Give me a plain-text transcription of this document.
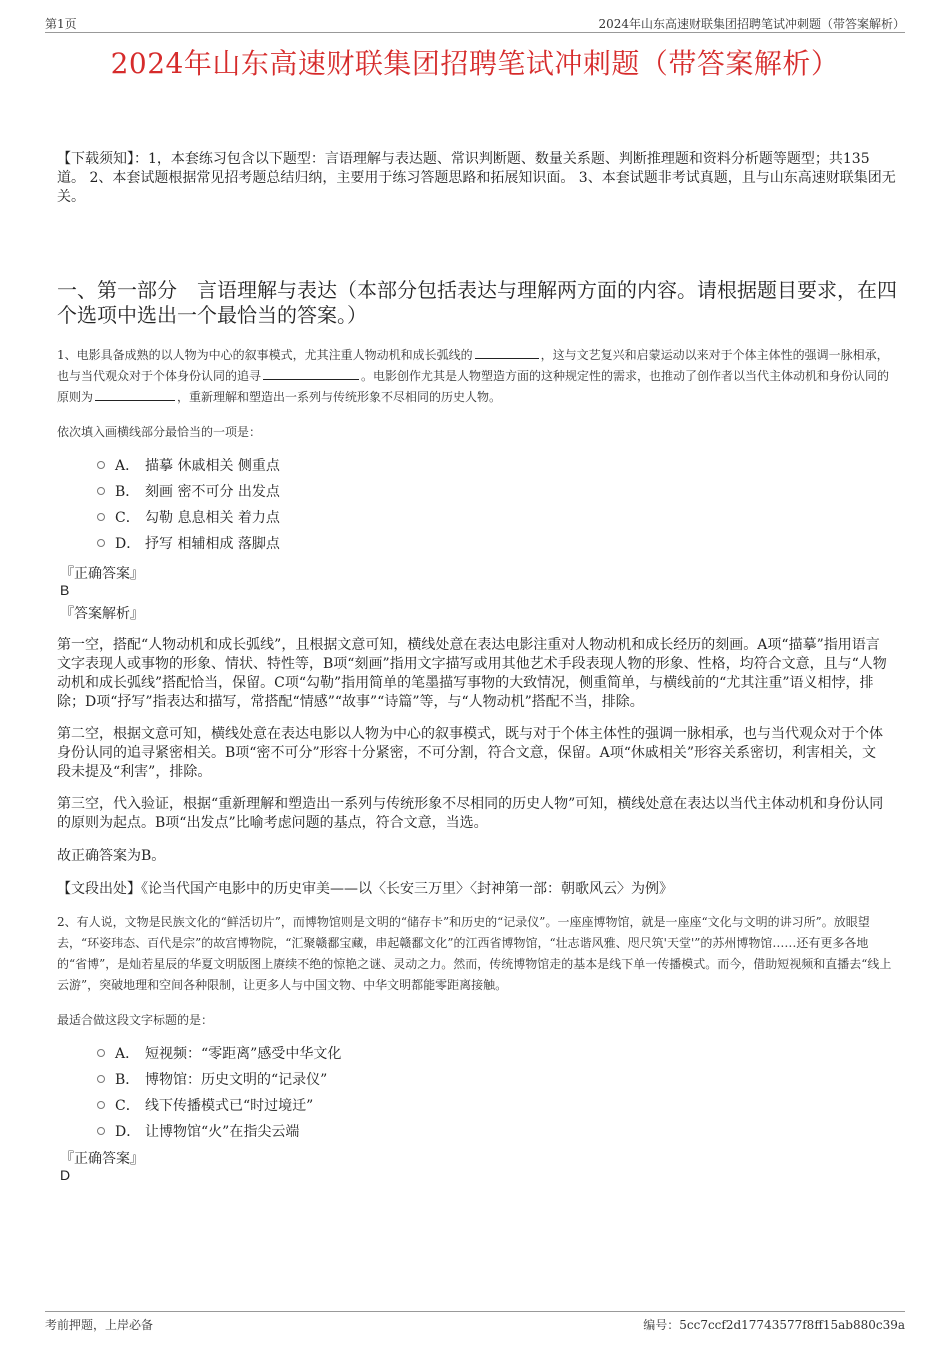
第1页	2024年山东高速财联集团招聘笔试冲刺题（带答案解析）
2024年山东高速财联集团招聘笔试冲刺题（带答案解析）

【下载须知】：1，本套练习包含以下题型：言语理解与表达题、常识判断题、数量关系题、判断推理题和资料分析题等题型；共135道。 2、本套试题根据常见招考题总结归纳，主要用于练习答题思路和拓展知识面。 3、本套试题非考试真题，且与山东高速财联集团无关。

一、第一部分　言语理解与表达（本部分包括表达与理解两方面的内容。请根据题目要求，在四个选项中选出一个最恰当的答案。）

1、电影具备成熟的以人物为中心的叙事模式，尤其注重人物动机和成长弧线的	，这与文艺复兴和启蒙运动以来对于个体主体性的强调一脉相承，也与当代观众对于个体身份认同的追寻	。电影创作尤其是人物塑造方面的这种规定性的需求，也推动了创作者以当代主体动机和身份认同的原则为	，重新理解和塑造出一系列与传统形象不尽相同的历史人物。

依次填入画横线部分最恰当的一项是：

A． 描摹 休戚相关 侧重点
B． 刻画 密不可分 出发点
C． 勾勒 息息相关 着力点
D． 抒写 相辅相成 落脚点

『正确答案』

B

『答案解析』

第一空，搭配“人物动机和成长弧线”，且根据文意可知，横线处意在表达电影注重对人物动机和成长经历的刻画。A项“描摹”指用语言文字表现人或事物的形象、情状、特性等，B项“刻画”指用文字描写或用其他艺术手段表现人物的形象、性格，均符合文意，且与“人物动机和成长弧线”搭配恰当，保留。C项“勾勒”指用简单的笔墨描写事物的大致情况，侧重简单，与横线前的“尤其注重”语义相悖，排除；D项“抒写”指表达和描写，常搭配“情感”“故事”“诗篇”等，与“人物动机”搭配不当，排除。

第二空，根据文意可知，横线处意在表达电影以人物为中心的叙事模式，既与对于个体主体性的强调一脉相承，也与当代观众对于个体身份认同的追寻紧密相关。B项“密不可分”形容十分紧密，不可分割，符合文意，保留。A项“休戚相关”形容关系密切，利害相关，文段未提及“利害”，排除。

第三空，代入验证，根据“重新理解和塑造出一系列与传统形象不尽相同的历史人物”可知，横线处意在表达以当代主体动机和身份认同的原则为起点。B项“出发点”比喻考虑问题的基点，符合文意，当选。

故正确答案为B。

【文段出处】《论当代国产电影中的历史审美——以〈长安三万里〉〈封神第一部：朝歌风云〉为例》

2、有人说，文物是民族文化的“鲜活切片”，而博物馆则是文明的“储存卡”和历史的“记录仪”。一座座博物馆，就是一座座“文化与文明的讲习所”。放眼望去，“环姿玮态、百代是宗”的故宫博物院，“汇聚赣鄱宝藏，串起赣鄱文化”的江西省博物馆，“壮志谐风雅、咫尺筑'天堂'”的苏州博物馆……还有更多各地的“省博”，是灿若星辰的华夏文明版图上赓续不绝的惊艳之谜、灵动之力。然而，传统博物馆走的基本是线下单一传播模式。而今，借助短视频和直播去“线上云游”，突破地理和空间各种限制，让更多人与中国文物、中华文明都能零距离接触。

最适合做这段文字标题的是：

A． 短视频：“零距离”感受中华文化
B． 博物馆：历史文明的“记录仪”
C． 线下传播模式已“时过境迁”
D． 让博物馆“火”在指尖云端

『正确答案』

D

考前押题，上岸必备	编号：5cc7ccf2d17743577f8ff15ab880c39a
